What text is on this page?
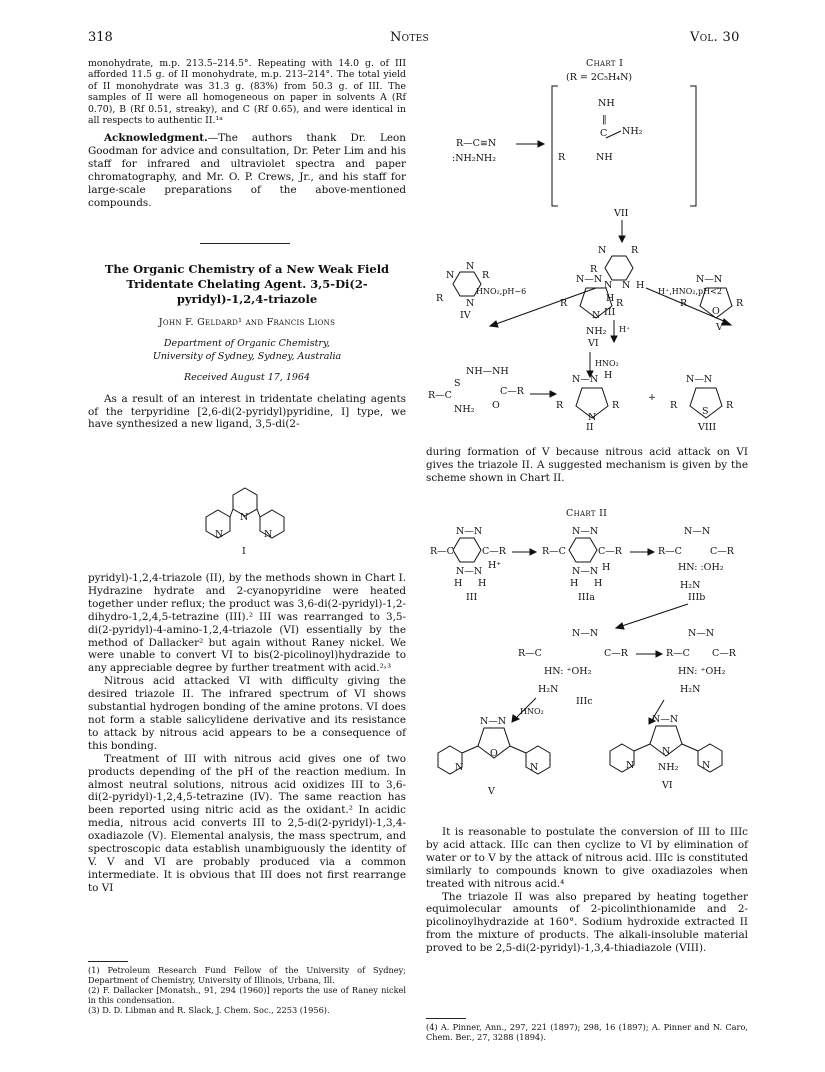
318	Notes	Vol. 30

monohydrate, m.p. 213.5–214.5°. Repeating with 14.0 g. of III afforded 11.5 g. of II monohydrate, m.p. 213–214°. The total yield of II monohydrate was 31.3 g. (83%) from 50.3 g. of III. The samples of II were all homogeneous on paper in solvents A (Rf 0.70), B (Rf 0.51, streaky), and C (Rf 0.65), and were identical in all respects to authentic II.¹ᵃ

Acknowledgment.—The authors thank Dr. Leon Goodman for advice and consultation, Dr. Peter Lim and his staff for infrared and ultraviolet spectra and paper chromatography, and Mr. O. P. Crews, Jr., and his staff for large-scale preparations of the above-mentioned compounds.

The Organic Chemistry of a New Weak Field Tridentate Chelating Agent. 3,5-Di(2-pyridyl)-1,2,4-triazole

John F. Geldard¹ and Francis Lions

Department of Organic Chemistry,

University of Sydney, Sydney, Australia

Received August 17, 1964

As a result of an interest in tridentate chelating agents of the terpyridine [2,6-di(2-pyridyl)pyridine, I] type, we have synthesized a new ligand, 3,5-di(2-

N
N	N
I

pyridyl)-1,2,4-triazole (II), by the methods shown in Chart I. Hydrazine hydrate and 2-cyanopyridine were heated together under reflux; the product was 3,6-di(2-pyridyl)-1,2-dihydro-1,2,4,5-tetrazine (III).² III was rearranged to 3,5-di(2-pyridyl)-4-amino-1,2,4-triazole (VI) essentially by the method of Dallacker² but again without Raney nickel. We were unable to convert VI to bis(2-picolinoyl)hydrazide to any appreciable degree by further treatment with acid.²˒³

Nitrous acid attacked VI with difficulty giving the desired triazole II. The infrared spectrum of VI shows substantial hydrogen bonding of the amine protons. VI does not form a stable salicylidene derivative and its resistance to attack by nitrous acid appears to be a consequence of this bonding.

Treatment of III with nitrous acid gives one of two products depending of the pH of the reaction medium. In almost neutral solutions, nitrous acid oxidizes III to 3,6-di(2-pyridyl)-1,2,4,5-tetrazine (IV). The same reaction has been reported using nitric acid as the oxidant.² In acidic media, nitrous acid converts III to 2,5-di(2-pyridyl)-1,3,4-oxadiazole (V). Elemental analysis, the mass spectrum, and spectroscopic data establish unambiguously the identity of V. V and VI are probably produced via a common intermediate. It is obvious that III does not first rearrange to VI

(1) Petroleum Research Fund Fellow of the University of Sydney; Department of Chemistry, University of Illinois, Urbana, Ill.

(2) F. Dallacker [Monatsh., 91, 294 (1960)] reports the use of Raney nickel in this condensation.

(3) D. D. Libman and R. Slack, J. Chem. Soc., 2253 (1956).

Chart I
(R = 2C₅H₄N)
R—C≡N
:NH₂NH₂
NH
‖
C NH₂
R	NH
VII
N	R
R
N N H
H
III
HNO₂,pH~6	H⁺,HNO₂,pH<2
H⁺
N
N
R
R N
IV
N—N
R	R
N
NH₂
VI
N—N
R	R
O
V
HNO₂
NH—NH
S
R—C	C—R
O
NH₂
N—N H
R	R
N
II
+
N—N
R	R
S
VIII

during formation of V because nitrous acid attack on VI gives the triazole II. A suggested mechanism is given by the scheme shown in Chart II.

Chart II
N—N
R—C	C—R
N—N
H⁺
H H
III
N—N
R—C	C—R
N—N H
H H
IIIa
N—N
R—C	C—R
HN: :OH₂
H₂N
IIIb
N—N
R—C	C—R
HN: ⁺OH₂
H₂N
IIIc
N—N
R—C C—R
HN: ⁺OH₂
H₂N
HNO₂
N—N
O
N	N
V
N—N
N
NH₂
N	N
VI

It is reasonable to postulate the conversion of III to IIIc by acid attack. IIIc can then cyclize to VI by elimination of water or to V by the attack of nitrous acid. IIIc is constituted similarly to compounds known to give oxadiazoles when treated with nitrous acid.⁴

The triazole II was also prepared by heating together equimolecular amounts of 2-picolinthionamide and 2-picolinoylhydrazide at 160°. Sodium hydroxide extracted II from the mixture of products. The alkali-insoluble material proved to be 2,5-di(2-pyridyl)-1,3,4-thiadiazole (VIII).

(4) A. Pinner, Ann., 297, 221 (1897); 298, 16 (1897); A. Pinner and N. Caro, Chem. Ber., 27, 3288 (1894).
